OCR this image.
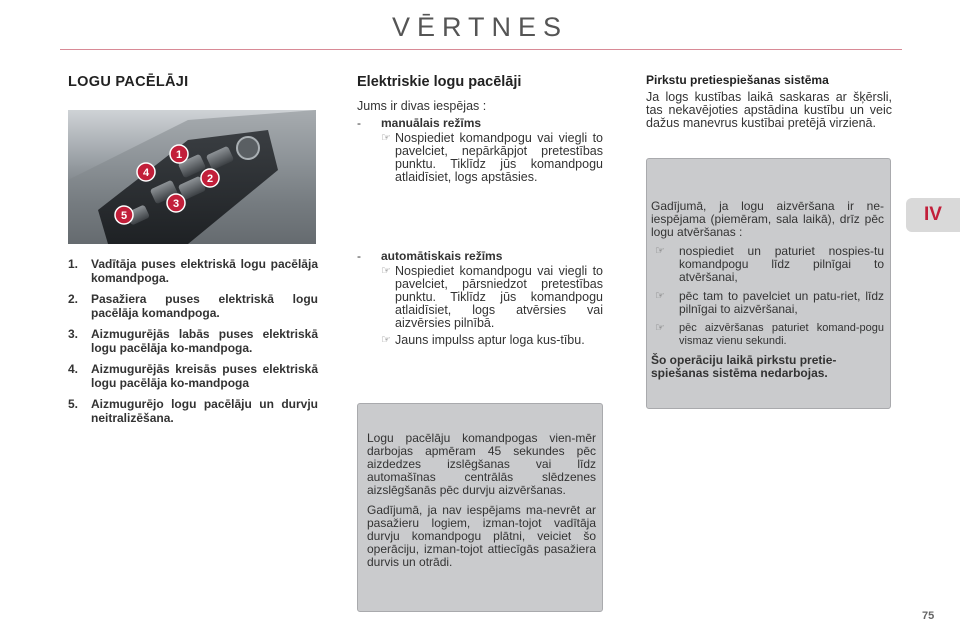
VĒRTNES
IV
LOGU PACĒLĀJI
1
2
3
4
5
1. Vadītāja puses elektriskā logu pacēlāja komandpoga.
2. Pasažiera puses elektriskā logu pacēlāja komandpoga.
3. Aizmugurējās labās puses elektriskā logu pacēlāja ko-mandpoga.
4. Aizmugurējās kreisās puses elektriskā logu pacēlāja ko-mandpoga
5. Aizmugurējo logu pacēlāju un durvju neitralizēšana.
Elektriskie logu pacēlāji
Jums ir divas iespējas :
- manuālais režīms
☞ Nospiediet komandpogu vai viegli to pavelciet, nepārkāpjot pretestības punktu. Tiklīdz jūs komandpogu atlaidīsiet, logs apstāsies.
- automātiskais režīms
☞ Nospiediet komandpogu vai viegli to pavelciet, pārsniedzot pretestības punktu. Tiklīdz jūs komandpogu atlaidīsiet, logs atvērsies vai aizvērsies pilnībā.
☞ Jauns impulss aptur loga kus-tību.

Logu pacēlāju komandpogas vien-mēr darbojas apmēram 45 sekundes pēc aizdedzes izslēgšanas vai līdz automašīnas centrālās slēdzenes aizslēgšanās pēc durvju aizvēršanas.

Gadījumā, ja nav iespējams ma-nevrēt ar pasažieru logiem, izman-tojot vadītāja durvju komandpogu plātni, veiciet šo operāciju, izman-tojot attiecīgās pasažiera durvis un otrādi.

Pirkstu pretiespiešanas sistēma
Ja logs kustības laikā saskaras ar šķērsli, tas nekavējoties apstādina kustību un veic dažus manevrus kustībai pretējā virzienā.
Gadījumā, ja logu aizvēršana ir ne-iespējama (piemēram, sala laikā), drīz pēc logu atvēršanas :
☞ nospiediet un paturiet nospies-tu komandpogu līdz pilnīgai to atvēršanai,
☞ pēc tam to pavelciet un patu-riet, līdz pilnīgai to aizvēršanai,
☞ pēc aizvēršanas paturiet komand-pogu vismaz vienu sekundi.
Šo operāciju laikā pirkstu pretie-spiešanas sistēma nedarbojas.
75
